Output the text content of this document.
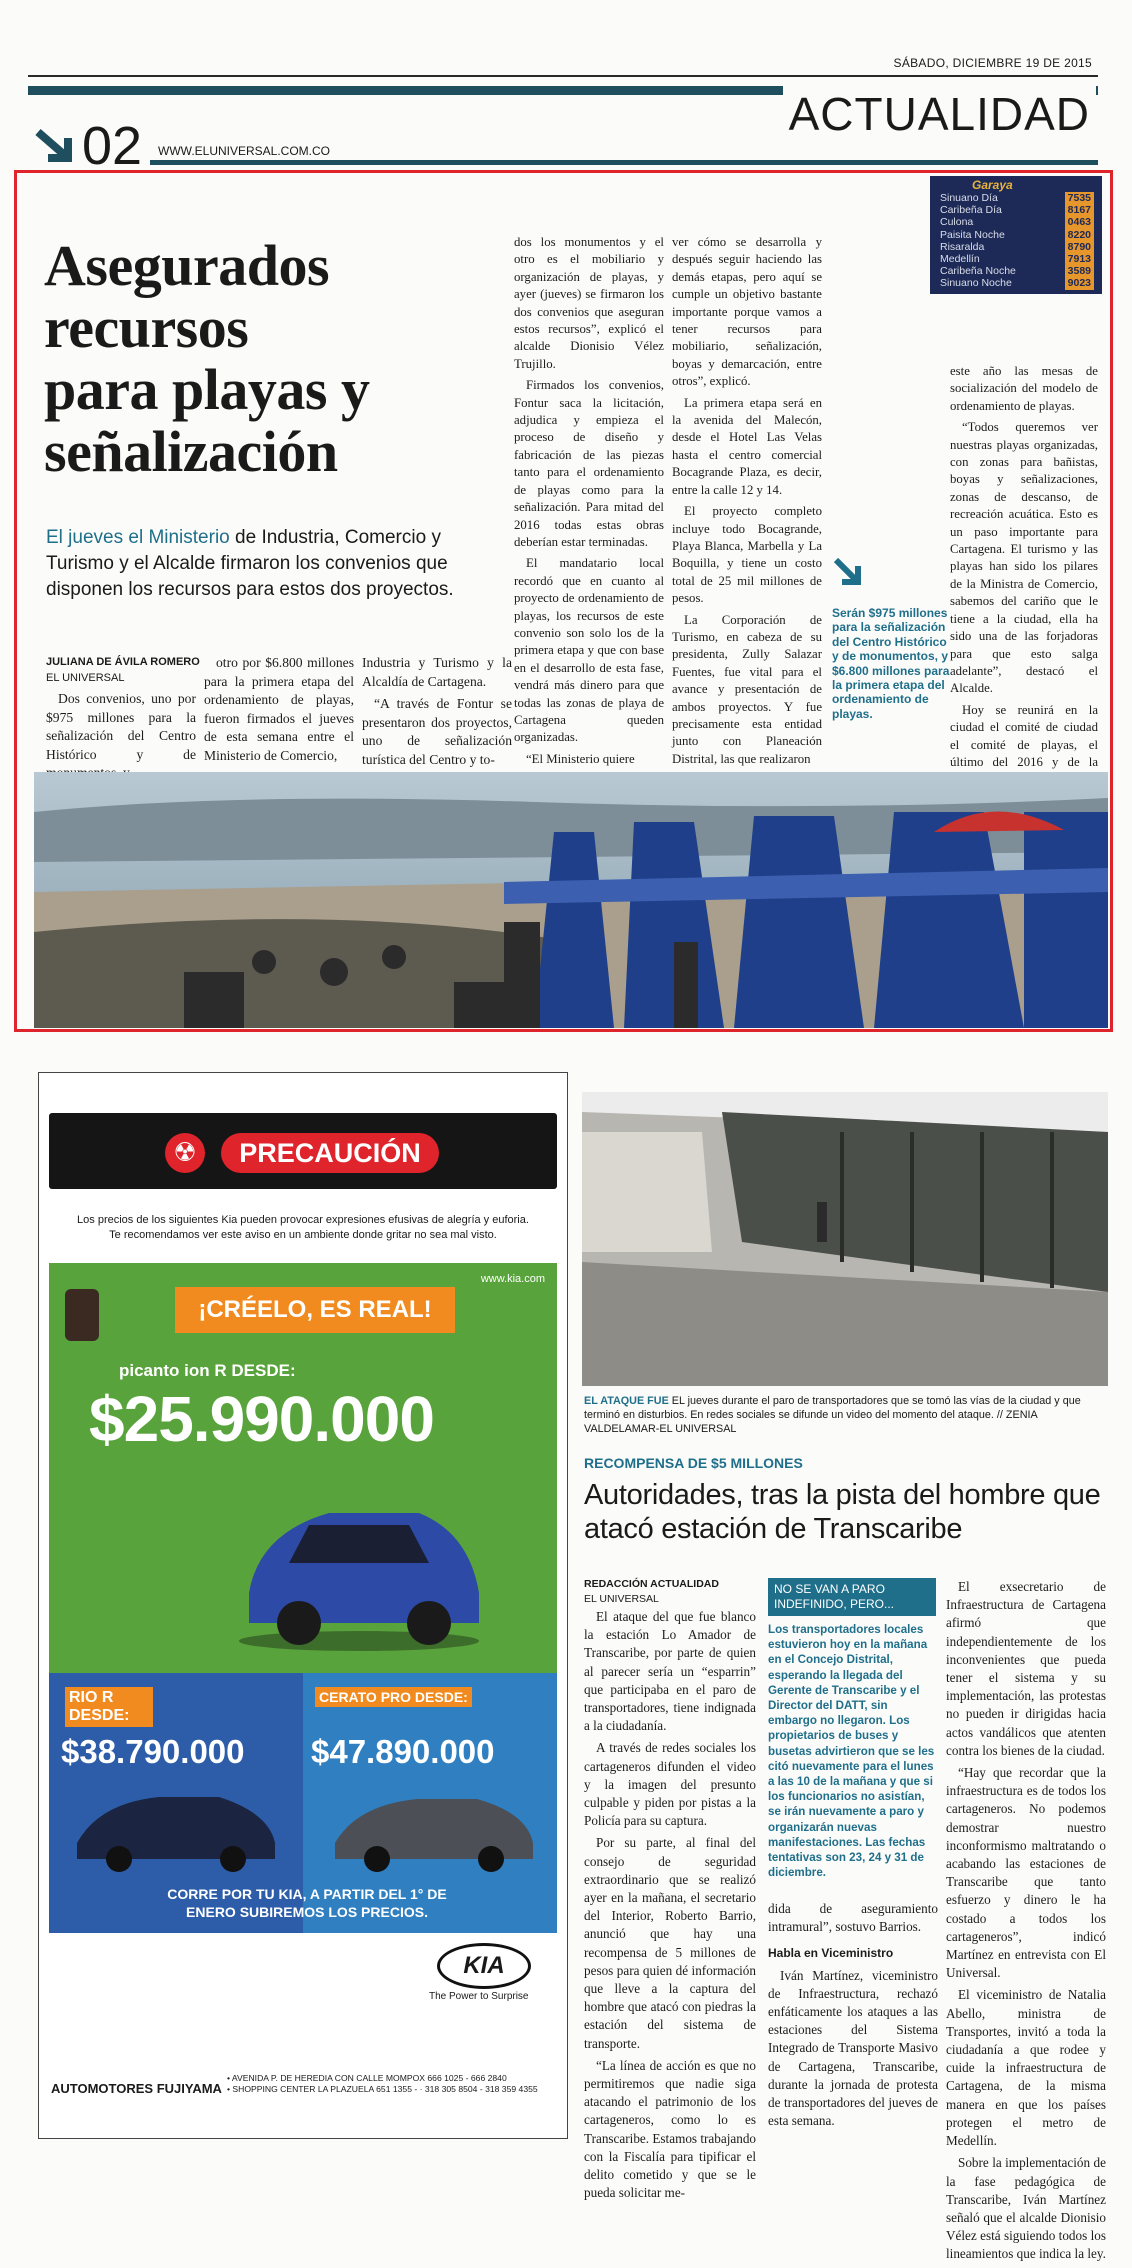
SÁBADO, DICIEMBRE 19 DE 2015
ACTUALIDAD
02 WWW.ELUNIVERSAL.COM.CO
Asegurados
recursos
para playas y
señalización
El jueves el Ministerio de Industria, Comercio y Turismo y el Alcalde firmaron los convenios que disponen los recursos para estos dos proyectos.
JULIANA DE ÁVILA ROMERO
EL UNIVERSAL

Dos convenios, uno por $975 millones para la señalización del Centro Histórico y de

otro por $6.800 millones para la primera etapa del ordenamiento de playas, fueron firmados el jueves de esta semana entre el Ministerio de Comercio,

Industria y Turismo y la Alcaldía de Cartagena.

“A través de Fontur se presentaron dos proyectos, uno de señalización turística del Centro y to-

dos los monumentos y el otro es el mobiliario y organización de playas, y ayer (jueves) se firmaron los dos convenios que aseguran estos recursos”, explicó el alcalde Dionisio Vélez Trujillo.

Firmados los convenios, Fontur saca la licitación, adjudica y empieza el proceso de diseño y fabricación de las piezas tanto para el ordenamiento de playas como para la señalización. Para mitad del 2016 todas estas obras deberían estar terminadas.

El mandatario local recordó que en cuanto al proyecto de ordenamiento de playas, los recursos de este convenio son solo los de la primera etapa y que con base en el desarrollo de esta fase, vendrá más dinero para que todas las zonas de playa de Cartagena queden organizadas.

“El Ministerio quiere

ver cómo se desarrolla y después seguir haciendo las demás etapas, pero aquí se cumple un objetivo bastante importante porque vamos a tener recursos para mobiliario, señalización, boyas y demarcación, entre otros”, explicó.

La primera etapa será en la avenida del Malecón, desde el Hotel Las Velas hasta el centro comercial Bocagrande Plaza, es decir, entre la calle 12 y 14.

El proyecto completo incluye todo Bocagrande, Playa Blanca, Marbella y La Boquilla, y tiene un costo total de 25 mil millones de pesos.

La Corporación de Turismo, en cabeza de su presidenta, Zully Salazar Fuentes, fue vital para el avance y presentación de ambos proyectos. Y fue precisamente esta entidad junto con Planeación Distrital, las que realizaron

Serán $975 millones para la señalización del Centro Histórico y de monumentos, y $6.800 millones para la primera etapa del ordenamiento de playas.
Garaya
Sinuano Día	7535
Caribeña Día	8167
Culona	0463
Paisita Noche	8220
Risaralda	8790
Medellín	7913
Caribeña Noche	3589
Sinuano Noche	9023

este año las mesas de socialización del modelo de ordenamiento de playas.

“Todos queremos ver nuestras playas organizadas, con zonas para bañistas, boyas y señalizaciones, zonas de descanso, de recreación acuática. Esto es un paso importante para Cartagena. El turismo y las playas han sido los pilares de la Ministra de Comercio, sabemos del cariño que le tiene a la ciudad, ella ha sido una de las forjadoras para que esto salga adelante”, destacó el Alcalde.

Hoy se reunirá en la ciudad el comité de ciudad el comité de playas, el último del 2016 y de la

☢	PRECAUCIÓN
Los precios de los siguientes Kia pueden provocar expresiones efusivas de alegría y euforia.
Te recomendamos ver este aviso en un ambiente donde gritar no sea mal visto.
www.kia.com
¡CRÉELO, ES REAL!
picanto ion R DESDE:
$25.990.000
RIO R DESDE:
$38.790.000
CERATO PRO DESDE:
$47.890.000
CORRE POR TU KIA, A PARTIR DEL 1° DE ENERO SUBIREMOS LOS PRECIOS.
KIA
The Power to Surprise
AUTOMOTORES FUJIYAMA
• AVENIDA P. DE HEREDIA CON CALLE MOMPOX 666 1025 - 666 2840
• SHOPPING CENTER LA PLAZUELA 651 1355 - · 318 305 8504 - 318 359 4355
EL ATAQUE FUE EL jueves durante el paro de transportadores que se tomó las vías de la ciudad y que terminó en disturbios. En redes sociales se difunde un video del momento del ataque. // ZENIA VALDELAMAR-EL UNIVERSAL
RECOMPENSA DE $5 MILLONES
Autoridades, tras la pista del hombre que atacó estación de Transcaribe
REDACCIÓN ACTUALIDAD
EL UNIVERSAL

El ataque del que fue blanco la estación Lo Amador de Transcaribe, por parte de quien al parecer sería un “esparrin” que participaba en el paro de transportadores, tiene indignada a la ciudadanía.

A través de redes sociales los cartageneros difunden el video y la imagen del presunto culpable y piden por pistas a la Policía para su captura.

Por su parte, al final del consejo de seguridad extraordinario que se realizó ayer en la mañana, el secretario del Interior, Roberto Barrio, anunció que hay una recompensa de 5 millones de pesos para quien dé información que lleve a la captura del hombre que atacó con piedras la estación del sistema de transporte.

“La línea de acción es que no permitiremos que nadie siga atacando el patrimonio de los cartageneros, como lo es Transcaribe. Estamos trabajando con la Fiscalía para tipificar el delito cometido y que se le pueda solicitar me-

NO SE VAN A PARO INDEFINIDO, PERO...
Los transportadores locales estuvieron hoy en la mañana en el Concejo Distrital, esperando la llegada del Gerente de Transcaribe y el Director del DATT, sin embargo no llegaron. Los propietarios de buses y busetas advirtieron que se les citó nuevamente para el lunes a las 10 de la mañana y que si los funcionarios no asistían, se irán nuevamente a paro y organizarán nuevas manifestaciones. Las fechas tentativas son 23, 24 y 31 de diciembre.

dida de aseguramiento intramural”, sostuvo Barrios.

Habla en Viceministro

Iván Martínez, viceministro de Infraestructura, rechazó enfáticamente los ataques a las estaciones del Sistema Integrado de Transporte Masivo de Cartagena, Transcaribe, durante la jornada de protesta de transportadores del jueves de esta semana.

El exsecretario de Infraestructura de Cartagena afirmó que independientemente de los inconvenientes que pueda tener el sistema y su implementación, las protestas no pueden ir dirigidas hacia actos vandálicos que atenten contra los bienes de la ciudad.

“Hay que recordar que la infraestructura es de todos los cartageneros. No podemos demostrar nuestro inconformismo maltratando o acabando las estaciones de Transcaribe que tanto esfuerzo y dinero le ha costado a todos los cartageneros”, indicó Martínez en entrevista con El Universal.

El viceministro de Natalia Abello, ministra de Transportes, invitó a toda la ciudadanía a que rodee y cuide la infraestructura de Cartagena, de la misma manera en que los países protegen el metro de Medellín.

Sobre la implementación de la fase pedagógica de Transcaribe, Iván Martínez señaló que el alcalde Dionisio Vélez está siguiendo todos los lineamientos que indica la ley.
